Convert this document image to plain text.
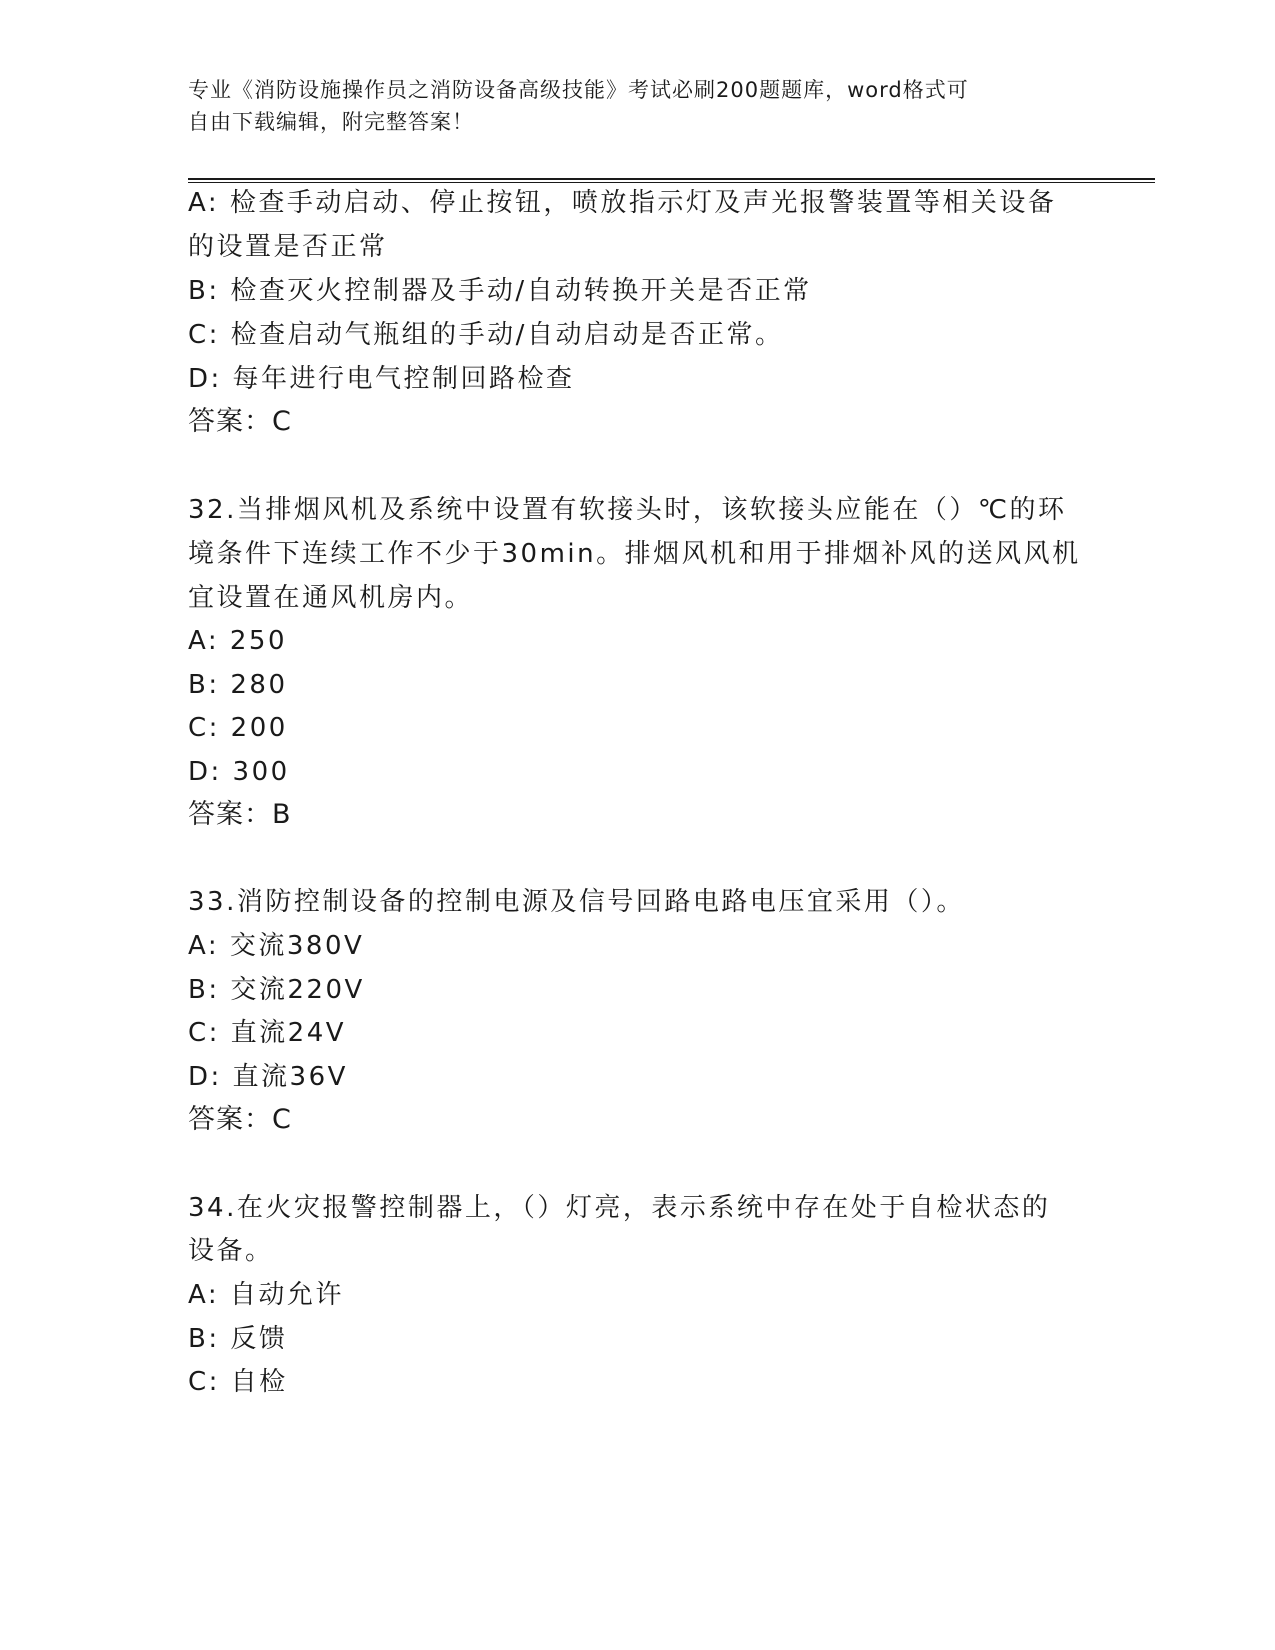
专业《消防设施操作员之消防设备高级技能》考试必刷200题题库，word格式可
自由下载编辑，附完整答案！
A: 检查手动启动、停止按钮，喷放指示灯及声光报警装置等相关设备
的设置是否正常
B: 检查灭火控制器及手动/自动转换开关是否正常
C: 检查启动气瓶组的手动/自动启动是否正常。
D: 每年进行电气控制回路检查
答案：C
32.当排烟风机及系统中设置有软接头时，该软接头应能在（）℃的环
境条件下连续工作不少于30min。排烟风机和用于排烟补风的送风风机
宜设置在通风机房内。
A: 250
B: 280
C: 200
D: 300
答案：B
33.消防控制设备的控制电源及信号回路电路电压宜采用（）。
A: 交流380V
B: 交流220V
C: 直流24V
D: 直流36V
答案：C
34.在火灾报警控制器上，（）灯亮，表示系统中存在处于自检状态的
设备。
A: 自动允许
B: 反馈
C: 自检
